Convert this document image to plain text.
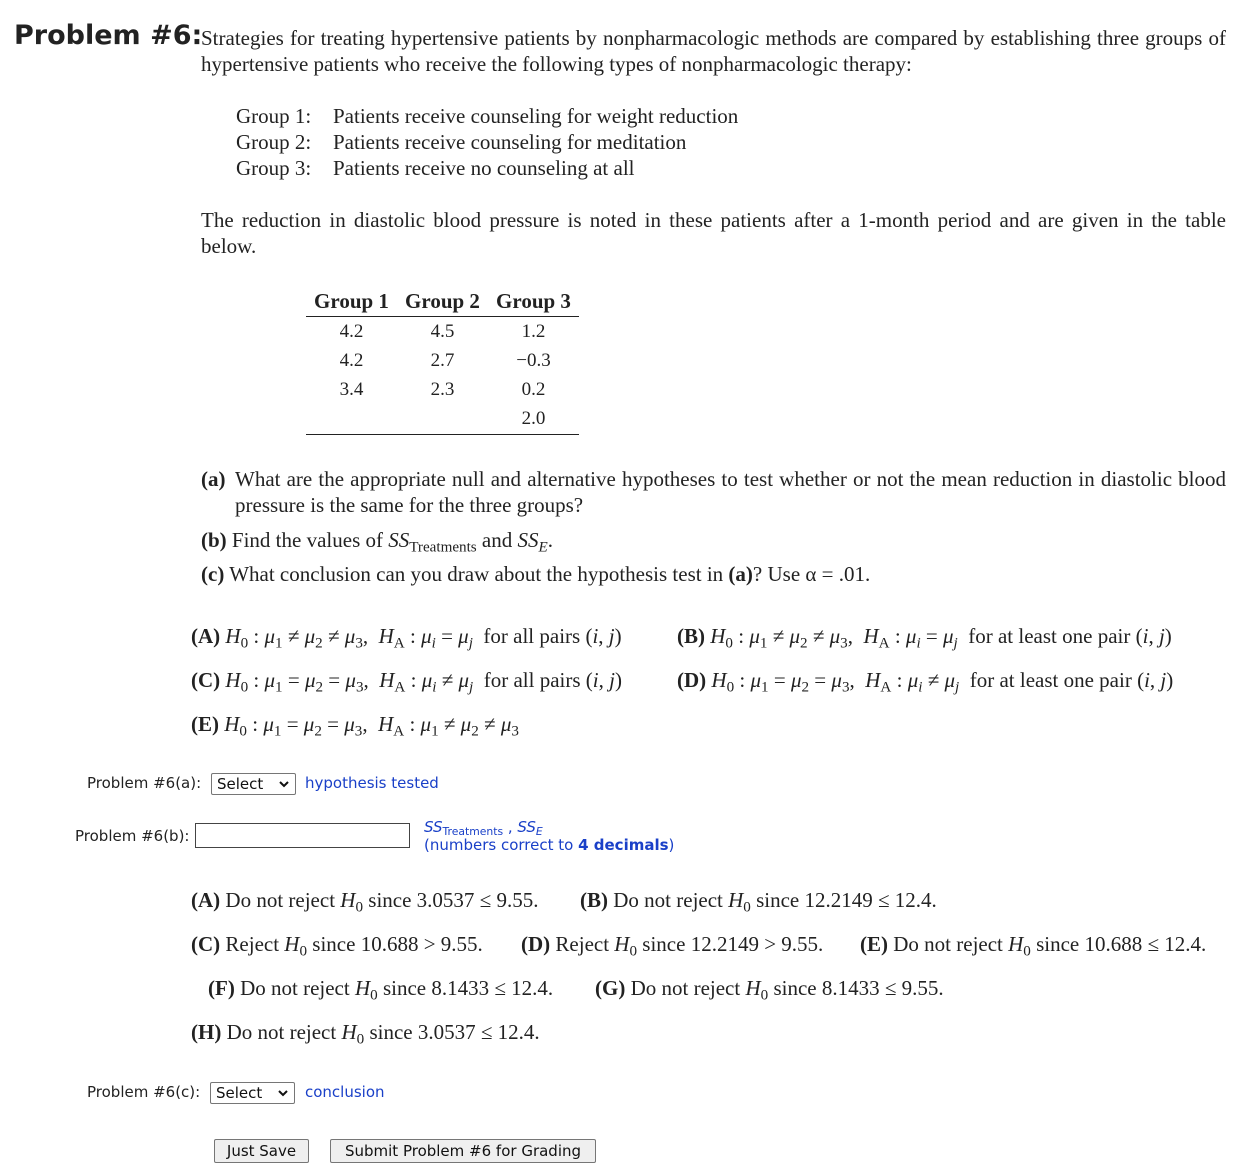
Problem #6:
Strategies for treating hypertensive patients by nonpharmacologic methods are compared by establishing three groups of hypertensive patients who receive the following types of nonpharmacologic therapy:
Group 1: Patients receive counseling for weight reduction
Group 2: Patients receive counseling for meditation
Group 3: Patients receive no counseling at all
The reduction in diastolic blood pressure is noted in these patients after a 1-month period and are given in the table below.
Group 1	Group 2	Group 3
4.2	4.5	1.2
4.2	2.7	−0.3
3.4	2.3	0.2
		2.0
(a) What are the appropriate null and alternative hypotheses to test whether or not the mean reduction in diastolic blood pressure is the same for the three groups?
(b) Find the values of $SS_{Treatments}$ and $SS_E$.
(c) What conclusion can you draw about the hypothesis test in (a)? Use α = .01.
(A) $H_0$ : $\mu_1 \ne \mu_2 \ne \mu_3$,  $H_A$ : $\mu_i = \mu_j$ for all pairs (i, j)	(B) $H_0$ : $\mu_1 \ne \mu_2 \ne \mu_3$,  $H_A$ : $\mu_i = \mu_j$ for at least one pair (i, j)
(C) $H_0$ : $\mu_1 = \mu_2 = \mu_3$,  $H_A$ : $\mu_i \ne \mu_j$ for all pairs (i, j)	(D) $H_0$ : $\mu_1 = \mu_2 = \mu_3$,  $H_A$ : $\mu_i \ne \mu_j$ for at least one pair (i, j)
(E) $H_0$ : $\mu_1 = \mu_2 = \mu_3$,  $H_A$ : $\mu_1 \ne \mu_2 \ne \mu_3$
Problem #6(a):	Select	hypothesis tested
Problem #6(b):	$SS_{Treatments}$ , $SS_E$
(numbers correct to 4 decimals)
(A) Do not reject $H_0$ since 3.0537 ≤ 9.55. (B) Do not reject $H_0$ since 12.2149 ≤ 12.4.
(C) Reject $H_0$ since 10.688 > 9.55. (D) Reject $H_0$ since 12.2149 > 9.55. (E) Do not reject $H_0$ since 10.688 ≤ 12.4.
(F) Do not reject $H_0$ since 8.1433 ≤ 12.4. (G) Do not reject $H_0$ since 8.1433 ≤ 9.55.
(H) Do not reject $H_0$ since 3.0537 ≤ 12.4.
Problem #6(c):	Select	conclusion
Just Save	Submit Problem #6 for Grading
